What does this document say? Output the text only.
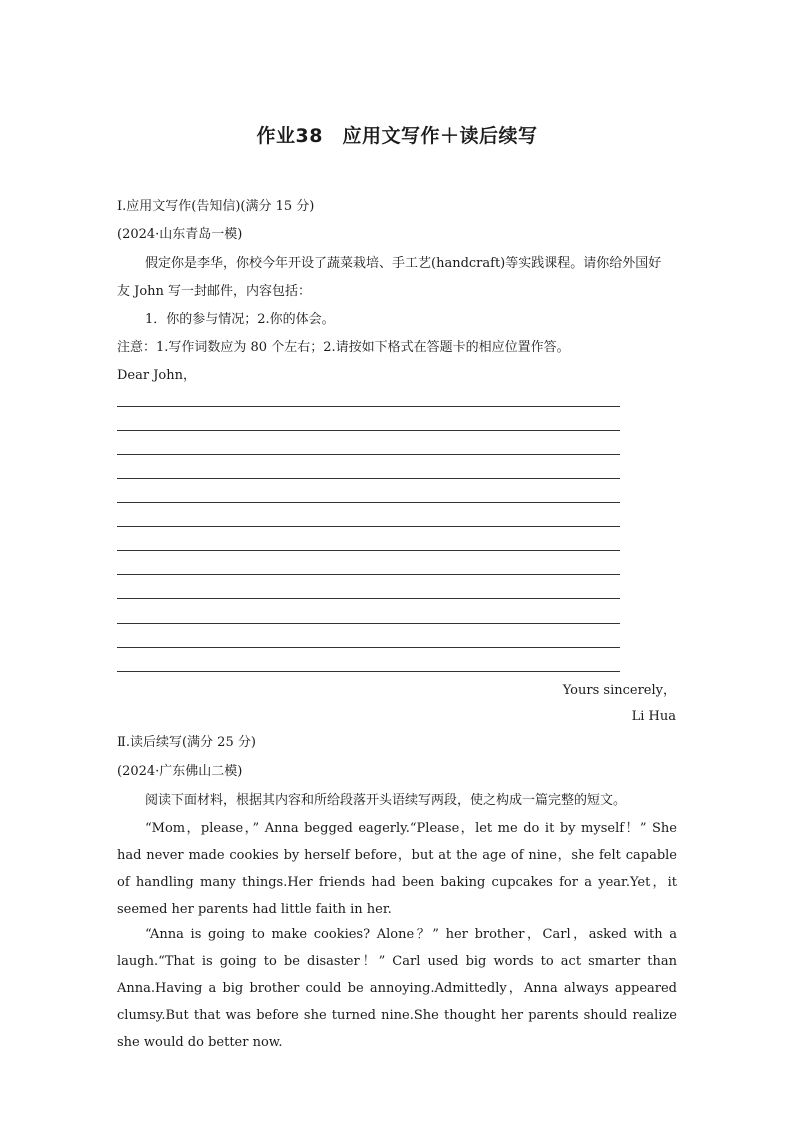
作业38　应用文写作＋读后续写
Ⅰ.应用文写作(告知信)(满分 15 分)
(2024·山东青岛一模)
假定你是李华，你校今年开设了蔬菜栽培、手工艺(handcraft)等实践课程。请你给外国好
友 John 写一封邮件，内容包括：
1．你的参与情况；2.你的体会。
注意：1.写作词数应为 80 个左右；2.请按如下格式在答题卡的相应位置作答。
Dear John，
Yours sincerely，
Li Hua
Ⅱ.读后续写(满分 25 分)
(2024·广东佛山二模)
阅读下面材料，根据其内容和所给段落开头语续写两段，使之构成一篇完整的短文。
“Mom，please，” Anna begged eagerly.“Please，let me do it by myself！” She had never made cookies by herself before，but at the age of nine，she felt capable of handling many things.Her friends had been baking cupcakes for a year.Yet，it seemed her parents had little faith in her.
“Anna is going to make cookies? Alone？” her brother，Carl，asked with a laugh.“That is going to be disaster！” Carl used big words to act smarter than Anna.Having a big brother could be annoying.Admittedly，Anna always appeared clumsy.But that was before she turned nine.She thought her parents should realize she would do better now.
